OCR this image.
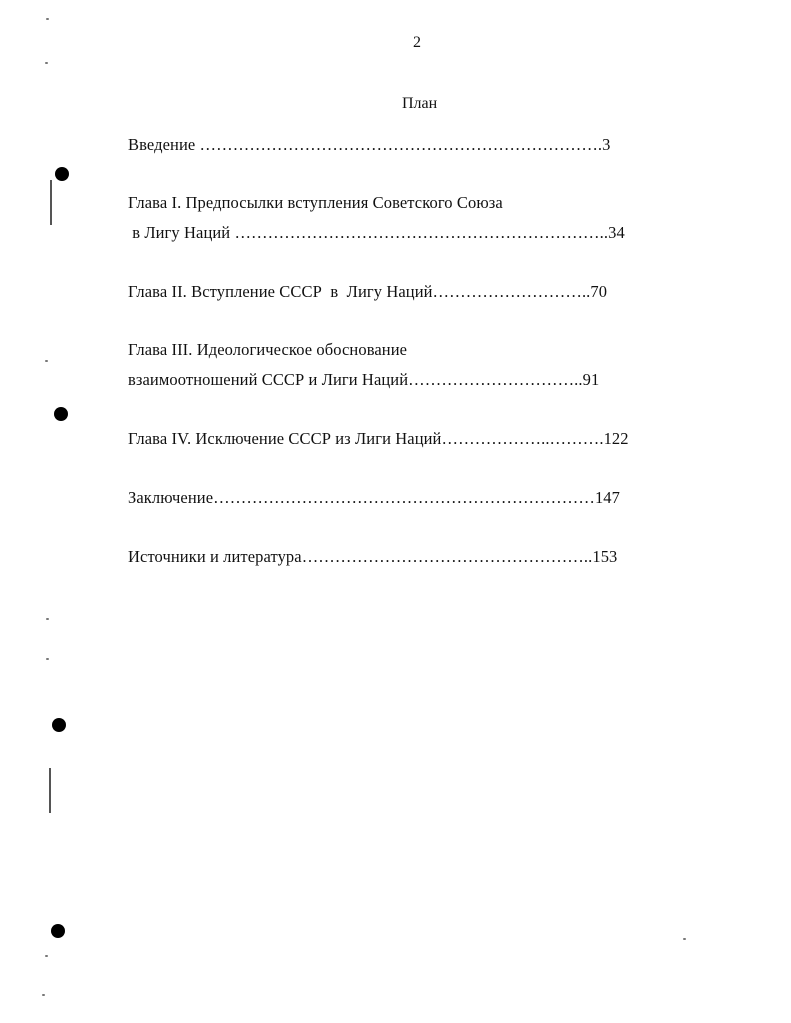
2
План
Введение ……………………………………………………………….3
Глава I. Предпосылки вступления Советского Союза
в Лигу Наций …………………………………………………………..34
Глава II. Вступление СССР  в  Лигу Наций………………………..70
Глава III. Идеологическое обоснование
взаимоотношений СССР и Лиги Наций…………………………..91
Глава IV. Исключение СССР из Лиги Наций………………..……….122
Заключение……………………………………………………………147
Источники и литература……………………………………………..153
